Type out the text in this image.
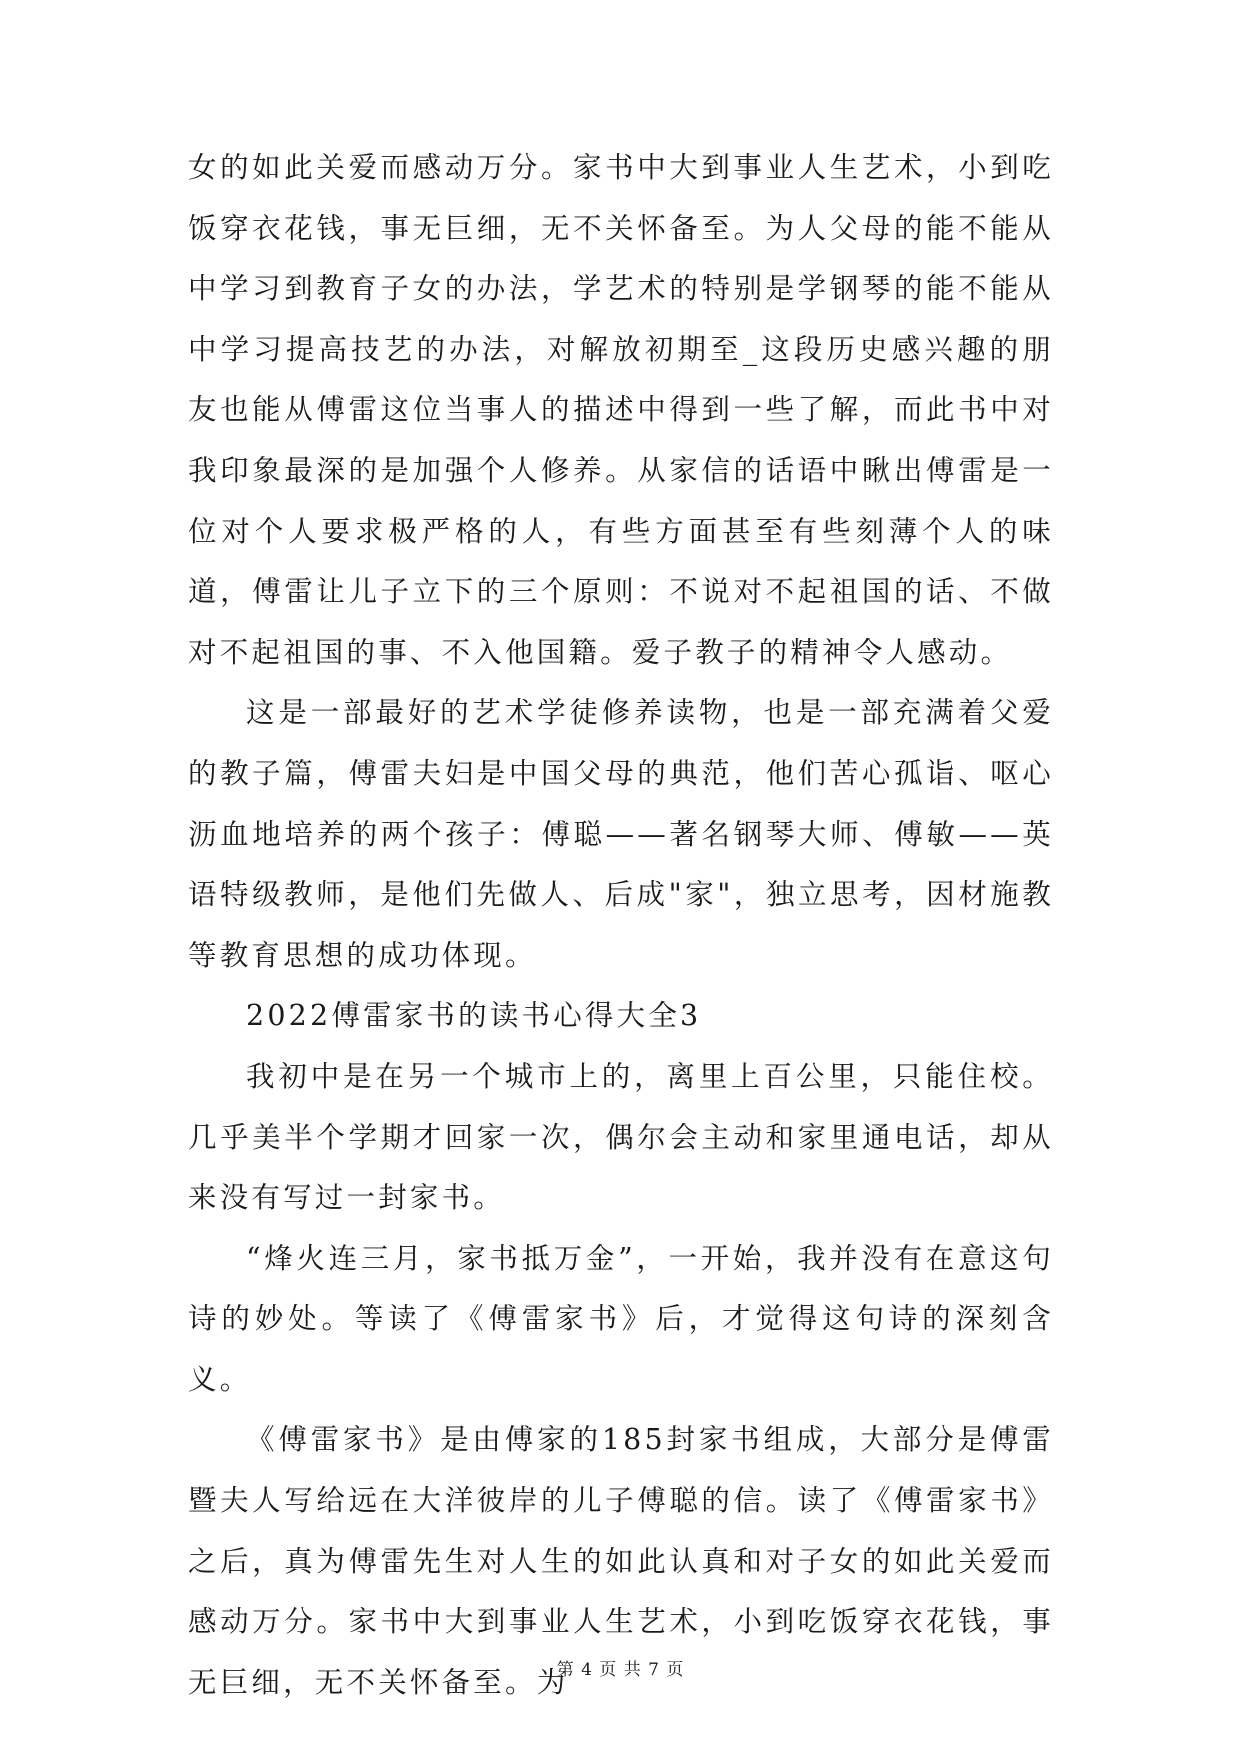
女的如此关爱而感动万分。家书中大到事业人生艺术，小到吃饭穿衣花钱，事无巨细，无不关怀备至。为人父母的能不能从中学习到教育子女的办法，学艺术的特别是学钢琴的能不能从中学习提高技艺的办法，对解放初期至_这段历史感兴趣的朋友也能从傅雷这位当事人的描述中得到一些了解，而此书中对我印象最深的是加强个人修养。从家信的话语中瞅出傅雷是一位对个人要求极严格的人，有些方面甚至有些刻薄个人的味道，傅雷让儿子立下的三个原则：不说对不起祖国的话、不做对不起祖国的事、不入他国籍。爱子教子的精神令人感动。

这是一部最好的艺术学徒修养读物，也是一部充满着父爱的教子篇，傅雷夫妇是中国父母的典范，他们苦心孤诣、呕心沥血地培养的两个孩子：傅聪——著名钢琴大师、傅敏——英语特级教师，是他们先做人、后成"家"，独立思考，因材施教等教育思想的成功体现。

2022傅雷家书的读书心得大全3

我初中是在另一个城市上的，离里上百公里，只能住校。几乎美半个学期才回家一次，偶尔会主动和家里通电话，却从来没有写过一封家书。

“烽火连三月，家书抵万金”，一开始，我并没有在意这句诗的妙处。等读了《傅雷家书》后，才觉得这句诗的深刻含义。

《傅雷家书》是由傅家的185封家书组成，大部分是傅雷暨夫人写给远在大洋彼岸的儿子傅聪的信。读了《傅雷家书》之后，真为傅雷先生对人生的如此认真和对子女的如此关爱而感动万分。家书中大到事业人生艺术，小到吃饭穿衣花钱，事无巨细，无不关怀备至。为

第 4 页 共 7 页
